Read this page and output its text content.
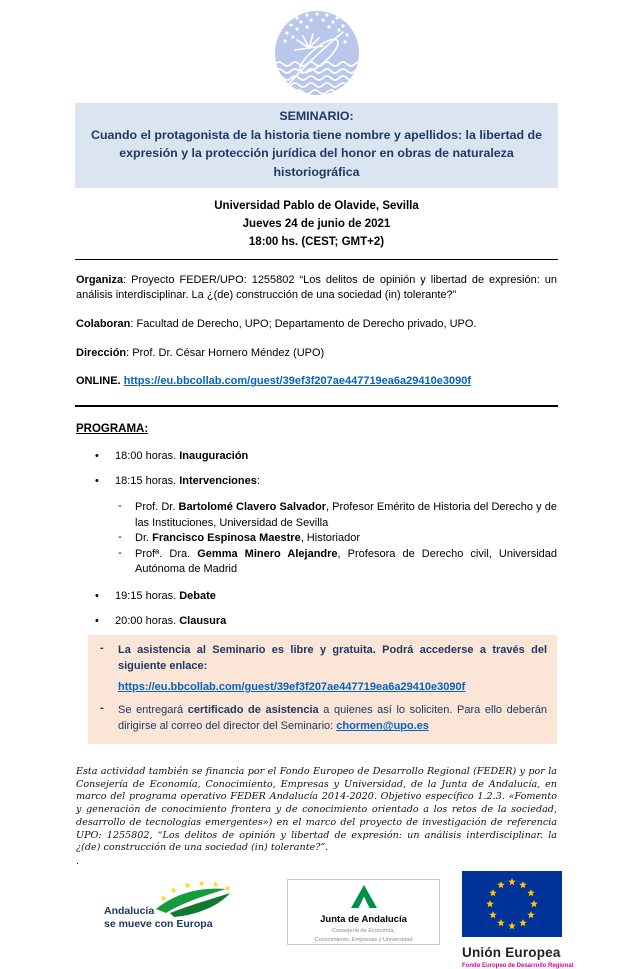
SEMINARIO:
Cuando el protagonista de la historia tiene nombre y apellidos: la libertad de expresión y la protección jurídica del honor en obras de naturaleza historiográfica
Universidad Pablo de Olavide, Sevilla
Jueves 24 de junio de 2021
18:00 hs. (CEST; GMT+2)

Organiza: Proyecto FEDER/UPO: 1255802 “Los delitos de opinión y libertad de expresión: un análisis interdisciplinar. La ¿(de) construcción de una sociedad (in) tolerante?”

Colaboran: Facultad de Derecho, UPO; Departamento de Derecho privado, UPO.

Dirección: Prof. Dr. César Hornero Méndez (UPO)

ONLINE. https://eu.bbcollab.com/guest/39ef3f207ae447719ea6a29410e3090f

PROGRAMA:

•	18:00 horas. Inauguración
•	18:15 horas. Intervenciones:
-	Prof. Dr. Bartolomé Clavero Salvador, Profesor Emérito de Historia del Derecho y de las Instituciones, Universidad de Sevilla
-	Dr. Francisco Espinosa Maestre, Historiador
-	Profª. Dra. Gemma Minero Alejandre, Profesora de Derecho civil, Universidad Autónoma de Madrid
•	19:15 horas. Debate
•	20:00 horas. Clausura
-	La asistencia al Seminario es libre y gratuita. Podrá accederse a través del siguiente enlace:

https://eu.bbcollab.com/guest/39ef3f207ae447719ea6a29410e3090f

-	Se entregará certificado de asistencia a quienes así lo soliciten. Para ello deberán dirigirse al correo del director del Seminario: chormen@upo.es

Esta actividad también se financia por el Fondo Europeo de Desarrollo Regional (FEDER) y por la Consejería de Economía, Conocimiento, Empresas y Universidad, de la Junta de Andalucía, en marco del programa operativo FEDER Andalucía 2014-2020. Objetivo específico 1.2.3. «Fomento y generación de conocimiento frontera y de conocimiento orientado a los retos de la sociedad, desarrollo de tecnologías emergentes») en el marco del proyecto de investigación de referencia UPO: 1255802, “Los delitos de opinión y libertad de expresión: un análisis interdisciplinar. la ¿(de) construcción de una sociedad (in) tolerante?”.

.

★
★ ★ ★ ★
★
Andalucía
se mueve con Europa	Junta de Andalucía
Consejería de Economía,
Conocimiento, Empresas y Universidad
Unión Europea
Fondo Europeo de Desarrollo Regional
